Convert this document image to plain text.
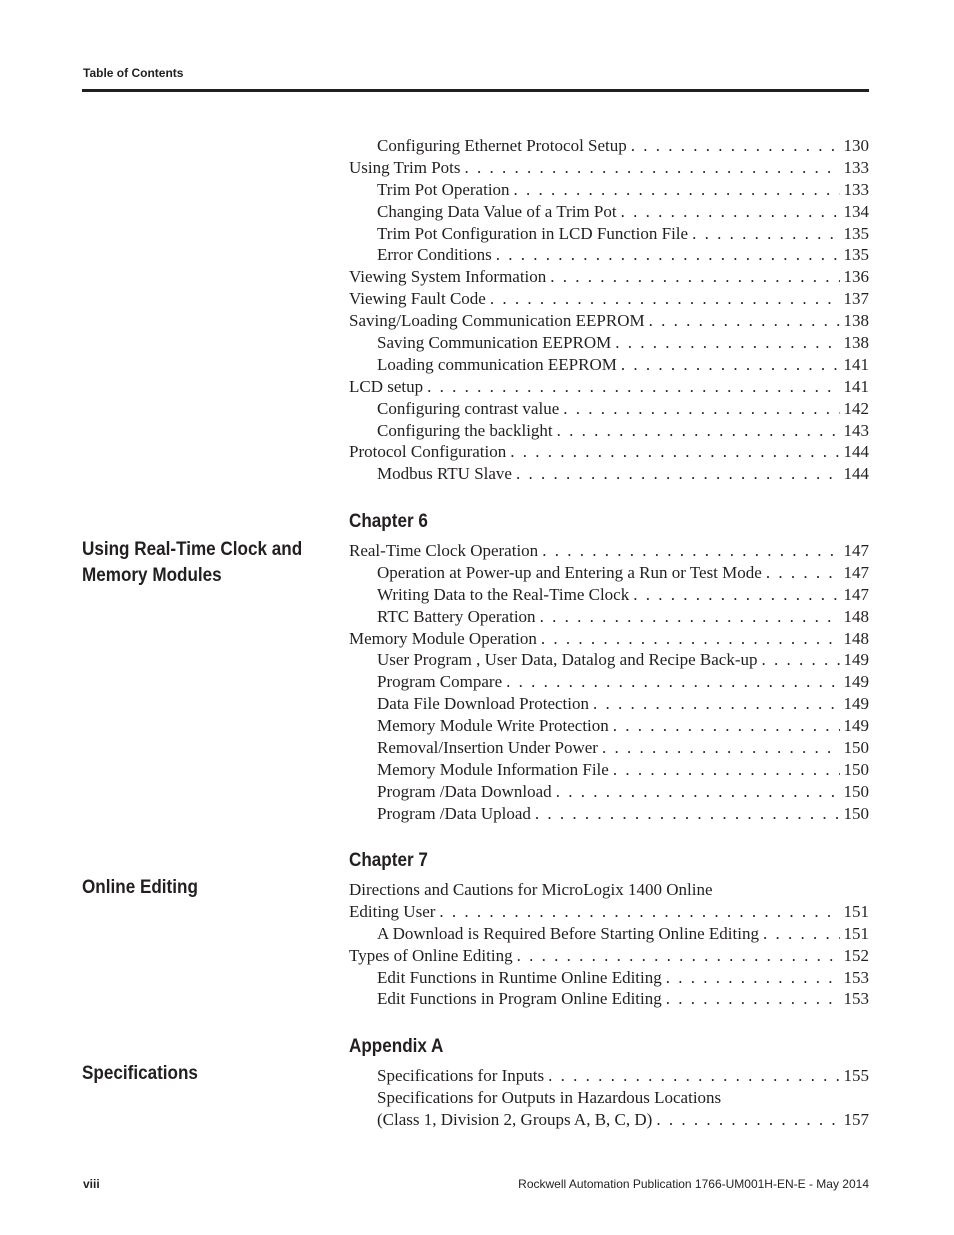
Table of Contents
Configuring Ethernet Protocol Setup . . .	130
Using Trim Pots . . .	133
Trim Pot Operation . . .	133
Changing Data Value of a Trim Pot . . .	134
Trim Pot Configuration in LCD Function File . . .	135
Error Conditions . . .	135
Viewing System Information . . .	136
Viewing Fault Code . . .	137
Saving/Loading Communication EEPROM . . .	138
Saving Communication EEPROM . . .	138
Loading communication EEPROM . . .	141
LCD setup . . .	141
Configuring contrast value . . .	142
Configuring the backlight . . .	143
Protocol Configuration . . .	144
Modbus RTU Slave . . .	144
Chapter 6
Using Real-Time Clock and Memory Modules
Real-Time Clock Operation . . .	147
Operation at Power-up and Entering a Run or Test Mode . . .	147
Writing Data to the Real-Time Clock . . .	147
RTC Battery Operation . . .	148
Memory Module Operation . . .	148
User Program , User Data, Datalog and Recipe Back-up . . .	149
Program Compare . . .	149
Data File Download Protection . . .	149
Memory Module Write Protection . . .	149
Removal/Insertion Under Power . . .	150
Memory Module Information File . . .	150
Program /Data Download . . .	150
Program /Data Upload . . .	150
Chapter 7
Online Editing	Directions and Cautions for MicroLogix 1400 Online
Editing User . . .	151
A Download is Required Before Starting Online Editing . . .	151
Types of Online Editing . . .	152
Edit Functions in Runtime Online Editing . . .	153
Edit Functions in Program Online Editing . . .	153
Appendix A
Specifications	Specifications for Inputs . . .	155
Specifications for Outputs in Hazardous Locations
(Class 1, Division 2, Groups A, B, C, D) . . .	157
viii	Rockwell Automation Publication 1766-UM001H-EN-E - May 2014
